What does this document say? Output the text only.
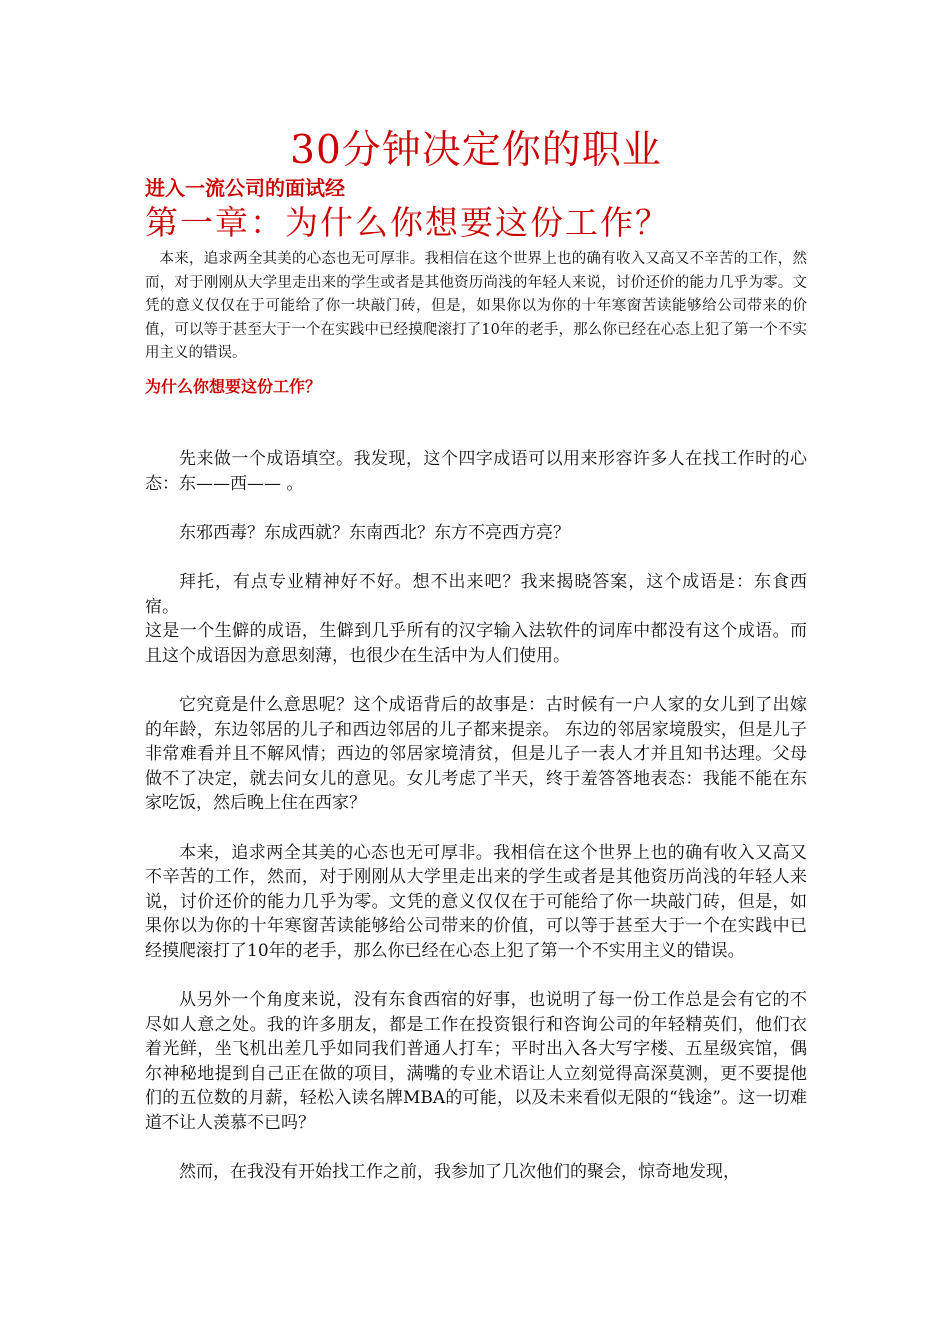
30分钟决定你的职业
进入一流公司的面试经
第一章：为什么你想要这份工作？
本来，追求两全其美的心态也无可厚非。我相信在这个世界上也的确有收入又高又不辛苦的工作，然而，对于刚刚从大学里走出来的学生或者是其他资历尚浅的年轻人来说，讨价还价的能力几乎为零。文凭的意义仅仅在于可能给了你一块敲门砖，但是，如果你以为你的十年寒窗苦读能够给公司带来的价值，可以等于甚至大于一个在实践中已经摸爬滚打了10年的老手，那么你已经在心态上犯了第一个不实用主义的错误。
为什么你想要这份工作？

先来做一个成语填空。我发现，这个四字成语可以用来形容许多人在找工作时的心态：东——西—— 。

东邪西毒？东成西就？东南西北？东方不亮西方亮？

拜托，有点专业精神好不好。想不出来吧？我来揭晓答案，这个成语是：东食西宿。

这是一个生僻的成语，生僻到几乎所有的汉字输入法软件的词库中都没有这个成语。而且这个成语因为意思刻薄，也很少在生活中为人们使用。

它究竟是什么意思呢？这个成语背后的故事是：古时候有一户人家的女儿到了出嫁的年龄，东边邻居的儿子和西边邻居的儿子都来提亲。 东边的邻居家境殷实，但是儿子非常难看并且不解风情；西边的邻居家境清贫，但是儿子一表人才并且知书达理。父母做不了决定，就去问女儿的意见。女儿考虑了半天，终于羞答答地表态：我能不能在东家吃饭，然后晚上住在西家？

本来，追求两全其美的心态也无可厚非。我相信在这个世界上也的确有收入又高又不辛苦的工作，然而，对于刚刚从大学里走出来的学生或者是其他资历尚浅的年轻人来说，讨价还价的能力几乎为零。文凭的意义仅仅在于可能给了你一块敲门砖，但是，如果你以为你的十年寒窗苦读能够给公司带来的价值，可以等于甚至大于一个在实践中已经摸爬滚打了10年的老手，那么你已经在心态上犯了第一个不实用主义的错误。

从另外一个角度来说，没有东食西宿的好事，也说明了每一份工作总是会有它的不尽如人意之处。我的许多朋友，都是工作在投资银行和咨询公司的年轻精英们，他们衣着光鲜，坐飞机出差几乎如同我们普通人打车；平时出入各大写字楼、五星级宾馆，偶尔神秘地提到自己正在做的项目，满嘴的专业术语让人立刻觉得高深莫测，更不要提他们的五位数的月薪，轻松入读名牌MBA的可能，以及未来看似无限的“钱途”。这一切难道不让人羡慕不已吗？

然而，在我没有开始找工作之前，我参加了几次他们的聚会，惊奇地发现，
